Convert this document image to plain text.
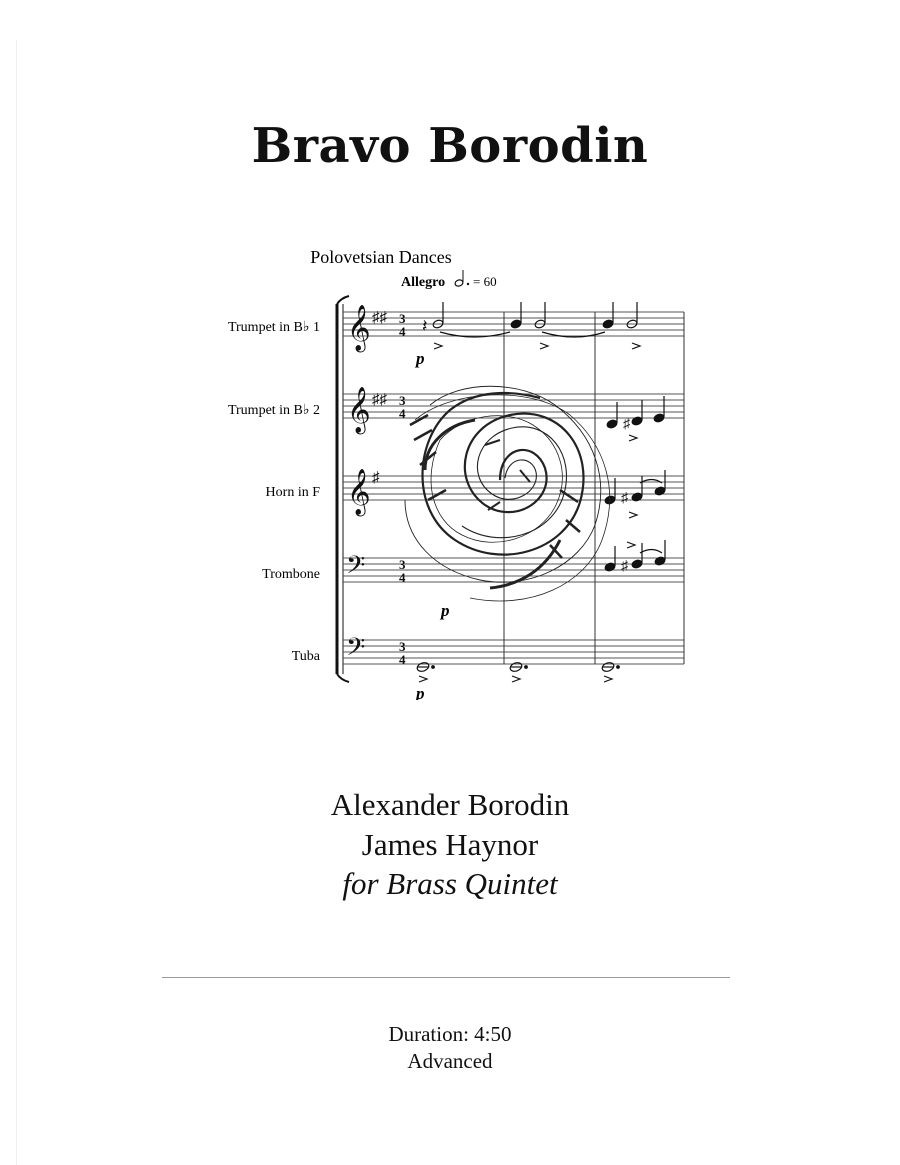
Bravo Borodin
Polovetsian Dances
Allegro = 60
Trumpet in B♭ 1
Trumpet in B♭ 2
Horn in F
Trombone
Tuba
𝄞
𝄞
𝄞
𝄢
𝄢
♯♯
♯♯
♯
3
4
3
4
3
4
3
4
𝄽
p
♯
♯
♯
p
p
Alexander Borodin
James Haynor
for Brass Quintet
Duration: 4:50
Advanced
